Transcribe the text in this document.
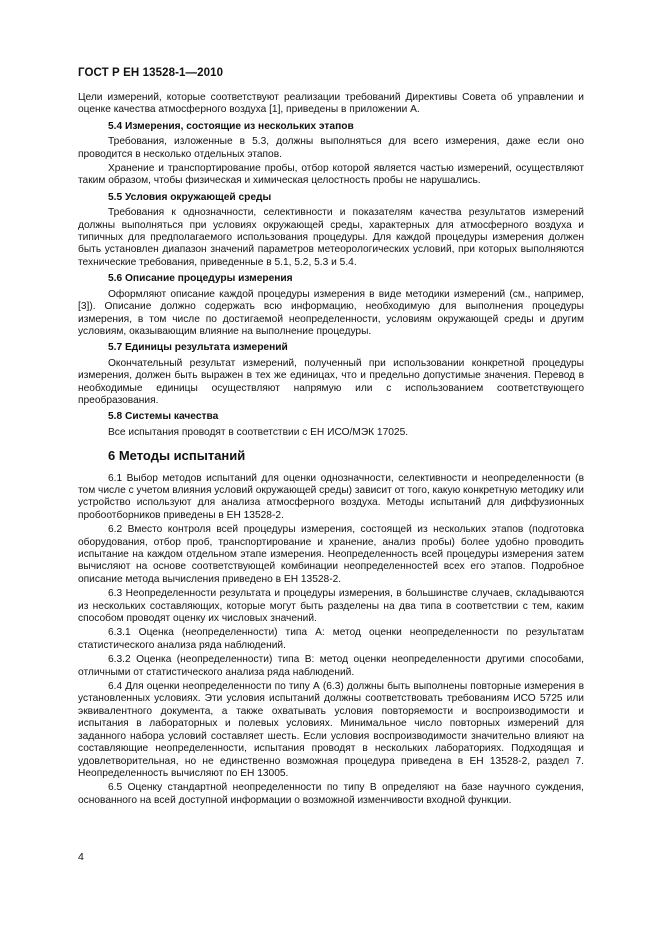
ГОСТ Р ЕН 13528-1—2010
Цели измерений, которые соответствуют реализации требований Директивы Совета об управлении и оценке качества атмосферного воздуха [1], приведены в приложении А.
5.4 Измерения, состоящие из нескольких этапов
Требования, изложенные в 5.3, должны выполняться для всего измерения, даже если оно проводится в несколько отдельных этапов.
Хранение и транспортирование пробы, отбор которой является частью измерений, осуществляют таким образом, чтобы физическая и химическая целостность пробы не нарушались.
5.5 Условия окружающей среды
Требования к однозначности, селективности и показателям качества результатов измерений должны выполняться при условиях окружающей среды, характерных для атмосферного воздуха и типичных для предполагаемого использования процедуры. Для каждой процедуры измерения должен быть установлен диапазон значений параметров метеорологических условий, при которых выполняются технические требования, приведенные в 5.1, 5.2, 5.3 и 5.4.
5.6 Описание процедуры измерения
Оформляют описание каждой процедуры измерения в виде методики измерений (см., например, [3]). Описание должно содержать всю информацию, необходимую для выполнения процедуры измерения, в том числе по достигаемой неопределенности, условиям окружающей среды и другим условиям, оказывающим влияние на выполнение процедуры.
5.7 Единицы результата измерений
Окончательный результат измерений, полученный при использовании конкретной процедуры измерения, должен быть выражен в тех же единицах, что и предельно допустимые значения. Перевод в необходимые единицы осуществляют напрямую или с использованием соответствующего преобразования.
5.8 Системы качества
Все испытания проводят в соответствии с ЕН ИСО/МЭК 17025.
6 Методы испытаний
6.1 Выбор методов испытаний для оценки однозначности, селективности и неопределенности (в том числе с учетом влияния условий окружающей среды) зависит от того, какую конкретную методику или устройство используют для анализа атмосферного воздуха. Методы испытаний для диффузионных пробоотборников приведены в ЕН 13528-2.
6.2 Вместо контроля всей процедуры измерения, состоящей из нескольких этапов (подготовка оборудования, отбор проб, транспортирование и хранение, анализ пробы) более удобно проводить испытание на каждом отдельном этапе измерения. Неопределенность всей процедуры измерения затем вычисляют на основе соответствующей комбинации неопределенностей всех его этапов. Подробное описание метода вычисления приведено в ЕН 13528-2.
6.3 Неопределенности результата и процедуры измерения, в большинстве случаев, складываются из нескольких составляющих, которые могут быть разделены на два типа в соответствии с тем, каким способом проводят оценку их числовых значений.
6.3.1 Оценка (неопределенности) типа А: метод оценки неопределенности по результатам статистического анализа ряда наблюдений.
6.3.2 Оценка (неопределенности) типа В: метод оценки неопределенности другими способами, отличными от статистического анализа ряда наблюдений.
6.4 Для оценки неопределенности по типу А (6.3) должны быть выполнены повторные измерения в установленных условиях. Эти условия испытаний должны соответствовать требованиям ИСО 5725 или эквивалентного документа, а также охватывать условия повторяемости и воспроизводимости и испытания в лабораторных и полевых условиях. Минимальное число повторных измерений для заданного набора условий составляет шесть. Если условия воспроизводимости значительно влияют на составляющие неопределенности, испытания проводят в нескольких лабораториях. Подходящая и удовлетворительная, но не единственно возможная процедура приведена в ЕН 13528-2, раздел 7. Неопределенность вычисляют по ЕН 13005.
6.5 Оценку стандартной неопределенности по типу В определяют на базе научного суждения, основанного на всей доступной информации о возможной изменчивости входной функции.
4
